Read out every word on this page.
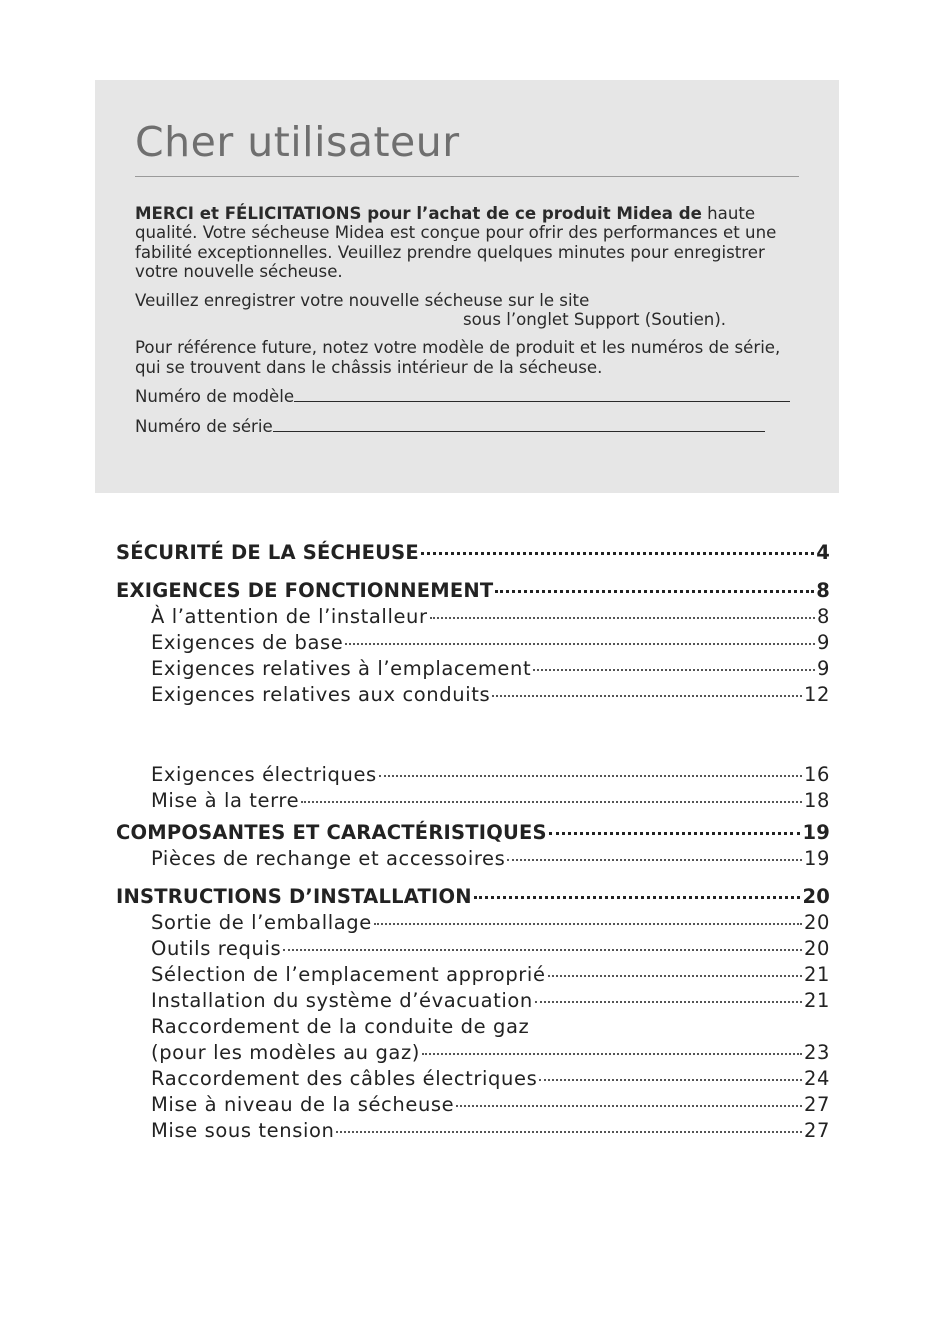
Cher utilisateur

MERCI et FÉLICITATIONS pour l’achat de ce produit Midea de haute qualité. Votre sécheuse Midea est conçue pour ofrir des performances et une fabilité exceptionnelles. Veuillez prendre quelques minutes pour enregistrer votre nouvelle sécheuse.

Veuillez enregistrer votre nouvelle sécheuse sur le site
sous l’onglet Support (Soutien).

Pour référence future, notez votre modèle de produit et les numéros de série, qui se trouvent dans le châssis intérieur de la sécheuse.

Numéro de modèle
Numéro de série
SÉCURITÉ DE LA SÉCHEUSE	4
EXIGENCES DE FONCTIONNEMENT	8
À l’attention de l’installeur	8
Exigences de base	9
Exigences relatives à l’emplacement	9
Exigences relatives aux conduits	12
Exigences électriques	16
Mise à la terre	18
COMPOSANTES ET CARACTÉRISTIQUES	19
Pièces de rechange et accessoires	19
INSTRUCTIONS D’INSTALLATION	20
Sortie de l’emballage	20
Outils requis	20
Sélection de l’emplacement approprié	21
Installation du système d’évacuation	21
Raccordement de la conduite de gaz
(pour les modèles au gaz)	23
Raccordement des câbles électriques	24
Mise à niveau de la sécheuse	27
Mise sous tension	27
